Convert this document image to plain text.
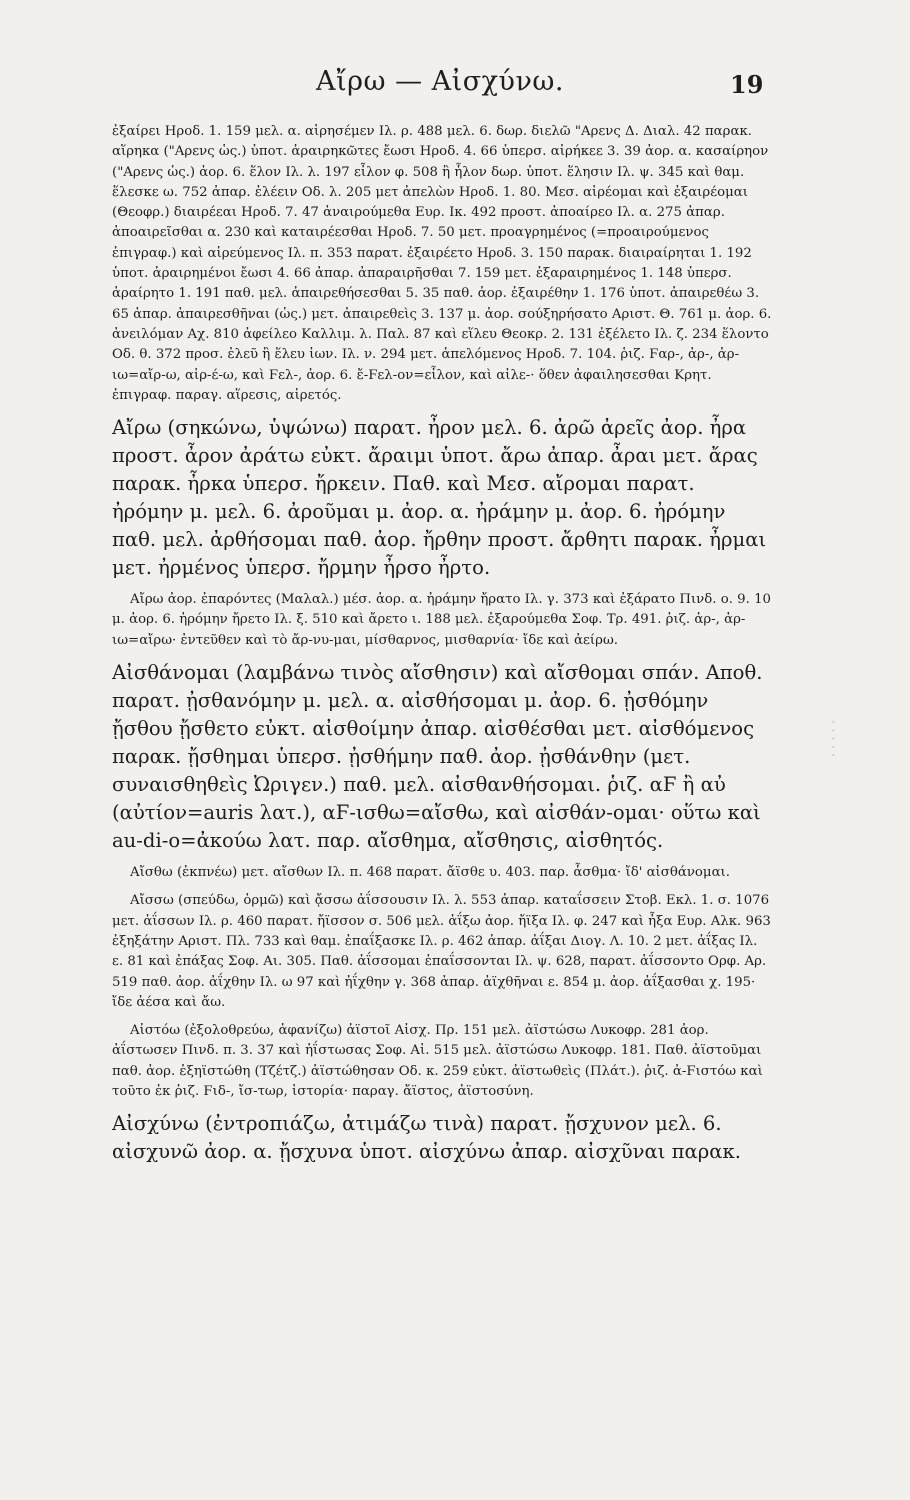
Αἴρω — Αἰσχύνω.	19

ἐξαίρει Ηροδ. 1. 159 μελ. α. αἱρησέμεν Ιλ. ρ. 488 μελ. 6. δωρ. διελῶ "Αρενς Δ. Διαλ. 42 παρακ. αἵρηκα ("Αρενς ὡς.) ὑποτ. ἀραιρηκῶτες ἔωσι Ηροδ. 4. 66 ὑπερσ. αἱρήκεε 3. 39 ἀορ. α. κασαίρηον ("Αρενς ὡς.) ἀορ. 6. ἕλον Ιλ. λ. 197 εἶλον φ. 508 ἢ ἧλον δωρ. ὑποτ. ἕλησιν Ιλ. ψ. 345 καὶ θαμ. ἕλεσκε ω. 752 ἀπαρ. ἑλέειν Οδ. λ. 205 μετ ἀπελὼν Ηροδ. 1. 80. Μεσ. αἱρέομαι καὶ ἐξαιρέομαι (Θεοφρ.) διαιρέεαι Ηροδ. 7. 47 ἀναιρούμεθα Ευρ. Ικ. 492 προστ. ἀποαίρεο Ιλ. α. 275 ἀπαρ. ἀποαιρεῖσθαι α. 230 καὶ καταιρέεσθαι Ηροδ. 7. 50 μετ. προαγρημένος (=προαιρούμενος ἐπιγραφ.) καὶ αἱρεύμενος Ιλ. π. 353 παρατ. ἐξαιρέετο Ηροδ. 3. 150 παρακ. διαιραίρηται 1. 192 ὑποτ. ἀραιρημένοι ἔωσι 4. 66 ἀπαρ. ἀπαραιρῆσθαι 7. 159 μετ. ἐξαραιρημένος 1. 148 ὑπερσ. ἀραίρητο 1. 191 παθ. μελ. ἀπαιρεθήσεσθαι 5. 35 παθ. ἀορ. ἐξαιρέθην 1. 176 ὑποτ. ἀπαιρεθέω 3. 65 ἀπαρ. ἀπαιρεσθῆναι (ὡς.) μετ. ἀπαιρεθεὶς 3. 137 μ. ἀορ. σούξηρήσατο Αριστ. Θ. 761 μ. ἀορ. 6. ἀνειλόμαν Αχ. 810 ἀφείλεο Καλλιμ. λ. Παλ. 87 καὶ εἵλευ Θεοκρ. 2. 131 ἐξέλετο Ιλ. ζ. 234 ἕλοντο Οδ. θ. 372 προσ. ἑλεῦ ἢ ἕλευ ἰων. Ιλ. ν. 294 μετ. ἀπελόμενος Ηροδ. 7. 104. ῥιζ. Ϝαρ-, ἀρ-, ἀρ-ιω=αἴρ-ω, αἱρ-έ-ω, καὶ Ϝελ-, ἀορ. 6. ἔ-Ϝελ-ον=εἶλον, καὶ αἰλε-· ὅθεν ἀφαιλησεσθαι Κρητ. ἐπιγραφ. παραγ. αἵρεσις, αἱρετός.

Αἴρω (σηκώνω, ὑψώνω) παρατ. ἦρον μελ. 6. ἀρῶ ἀρεῖς ἀορ. ἦρα προστ. ἆρον ἀράτω εὐκτ. ἄραιμι ὑποτ. ἄρω ἀπαρ. ἆραι μετ. ἄρας παρακ. ἦρκα ὑπερσ. ἤρκειν. Παθ. καὶ Μεσ. αἴρομαι παρατ. ἠρόμην μ. μελ. 6. ἀροῦμαι μ. ἀορ. α. ἠράμην μ. ἀορ. 6. ἠρόμην παθ. μελ. ἀρθήσομαι παθ. ἀορ. ἤρθην προστ. ἄρθητι παρακ. ἦρμαι μετ. ἠρμένος ὑπερσ. ἤρμην ἦρσο ἦρτο.

Αἴρω ἀορ. ἐπαρόντες (Μαλαλ.) μέσ. ἀορ. α. ἠράμην ἤρατο Ιλ. γ. 373 καὶ ἐξάρατο Πινδ. ο. 9. 10 μ. ἀορ. 6. ἠρόμην ἤρετο Ιλ. ξ. 510 καὶ ἄρετο ι. 188 μελ. ἐξαρούμεθα Σοφ. Τρ. 491. ῥιζ. ἀρ-, ἀρ-ιω=αἴρω· ἐντεῦθεν καὶ τὸ ἄρ-νυ-μαι, μίσθαρνος, μισθαρνία· ἴδε καὶ ἀείρω.

Αἰσθάνομαι (λαμβάνω τινὸς αἴσθησιν) καὶ αἴσθομαι σπάν. Αποθ. παρατ. ᾐσθανόμην μ. μελ. α. αἰσθήσομαι μ. ἀορ. 6. ᾐσθόμην ᾔσθου ᾔσθετο εὐκτ. αἰσθοίμην ἀπαρ. αἰσθέσθαι μετ. αἰσθόμενος παρακ. ᾔσθημαι ὑπερσ. ᾐσθήμην παθ. ἀορ. ᾐσθάνθην (μετ. συναισθηθεὶς Ὠριγεν.) παθ. μελ. αἰσθανθήσομαι. ῥιζ. αϜ ἢ αὐ (αὐτίον=auris λατ.), αϜ-ισθω=αἴσθω, καὶ αἰσθάν-ομαι· οὕτω καὶ au-di-o=ἀκούω λατ. παρ. αἴσθημα, αἴσθησις, αἰσθητός.

Αἴσθω (ἐκπνέω) μετ. αἴσθων Ιλ. π. 468 παρατ. ἄϊσθε υ. 403. παρ. ἆσθμα· ἴδ' αἰσθάνομαι.

Αἴσσω (σπεύδω, ὁρμῶ) καὶ ᾄσσω ἀΐσσουσιν Ιλ. λ. 553 ἀπαρ. καταΐσσειν Στοβ. Εκλ. 1. σ. 1076 μετ. ἀΐσσων Ιλ. ρ. 460 παρατ. ἤϊσσον σ. 506 μελ. ἀΐξω ἀορ. ἤϊξα Ιλ. φ. 247 καὶ ἧξα Ευρ. Αλκ. 963 ἐξηξάτην Αριστ. Πλ. 733 καὶ θαμ. ἐπαΐξασκε Ιλ. ρ. 462 ἀπαρ. ἀΐξαι Διογ. Λ. 10. 2 μετ. ἀΐξας Ιλ. ε. 81 καὶ ἐπάξας Σοφ. Αι. 305. Παθ. ἀΐσσομαι ἐπαΐσσονται Ιλ. ψ. 628, παρατ. ἀΐσσοντο Ορφ. Αρ. 519 παθ. ἀορ. ἀΐχθην Ιλ. ω 97 καὶ ἠΐχθην γ. 368 ἀπαρ. ἀϊχθῆναι ε. 854 μ. ἀορ. ἀΐξασθαι χ. 195· ἴδε ἀέσα καὶ ἄω.

Αἰστόω (ἐξολοθρεύω, ἀφανίζω) ἀϊστοῖ Αἰσχ. Πρ. 151 μελ. ἀϊστώσω Λυκοφρ. 281 ἀορ. ἀΐστωσεν Πινδ. π. 3. 37 καὶ ἠΐστωσας Σοφ. Αἰ. 515 μελ. ἀϊστώσω Λυκοφρ. 181. Παθ. ἀϊστοῦμαι παθ. ἀορ. ἐξηϊστώθη (Τζέτζ.) ἀϊστώθησαν Οδ. κ. 259 εὐκτ. ἀϊστωθεὶς (Πλάτ.). ῥιζ. ἀ-Ϝιστόω καὶ τοῦτο ἐκ ῥιζ. Ϝιδ-, ἴσ-τωρ, ἱστορία· παραγ. ἄϊστος, ἀϊστοσύνη.

Αἰσχύνω (ἐντροπιάζω, ἀτιμάζω τινὰ) παρατ. ᾔσχυνον μελ. 6. αἰσχυνῶ ἀορ. α. ᾔσχυνα ὑποτ. αἰσχύνω ἀπαρ. αἰσχῦναι παρακ.

· · · · ·
